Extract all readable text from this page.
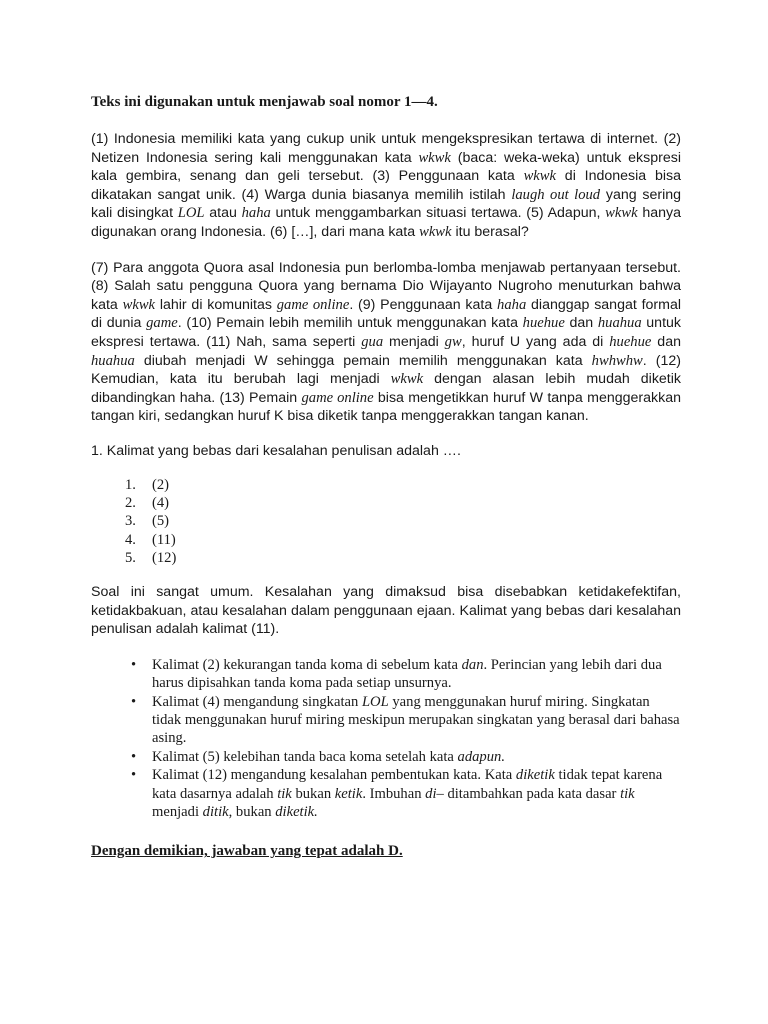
Teks ini digunakan untuk menjawab soal nomor 1—4.

(1) Indonesia memiliki kata yang cukup unik untuk mengekspresikan tertawa di internet. (2) Netizen Indonesia sering kali menggunakan kata wkwk (baca: weka-weka) untuk ekspresi kala gembira, senang dan geli tersebut. (3) Penggunaan kata wkwk di Indonesia bisa dikatakan sangat unik. (4) Warga dunia biasanya memilih istilah laugh out loud yang sering kali disingkat LOL atau haha untuk menggambarkan situasi tertawa. (5) Adapun, wkwk hanya digunakan orang Indonesia. (6) […], dari mana kata wkwk itu berasal?

(7) Para anggota Quora asal Indonesia pun berlomba-lomba menjawab pertanyaan tersebut. (8) Salah satu pengguna Quora yang bernama Dio Wijayanto Nugroho menuturkan bahwa kata wkwk lahir di komunitas game online. (9) Penggunaan kata haha dianggap sangat formal di dunia game. (10) Pemain lebih memilih untuk menggunakan kata huehue dan huahua untuk ekspresi tertawa. (11) Nah, sama seperti gua menjadi gw, huruf U yang ada di huehue dan huahua diubah menjadi W sehingga pemain memilih menggunakan kata hwhwhw. (12) Kemudian, kata itu berubah lagi menjadi wkwk dengan alasan lebih mudah diketik dibandingkan haha. (13) Pemain game online bisa mengetikkan huruf W tanpa menggerakkan tangan kiri, sedangkan huruf K bisa diketik tanpa menggerakkan tangan kanan.

1. Kalimat yang bebas dari kesalahan penulisan adalah ….

1. (2)
2. (4)
3. (5)
4. (11)
5. (12)

Soal ini sangat umum. Kesalahan yang dimaksud bisa disebabkan ketidakefektifan, ketidakbakuan, atau kesalahan dalam penggunaan ejaan. Kalimat yang bebas dari kesalahan penulisan adalah kalimat (11).

• Kalimat (2) kekurangan tanda koma di sebelum kata dan. Perincian yang lebih dari dua harus dipisahkan tanda koma pada setiap unsurnya.
• Kalimat (4) mengandung singkatan LOL yang menggunakan huruf miring. Singkatan tidak menggunakan huruf miring meskipun merupakan singkatan yang berasal dari bahasa asing.
• Kalimat (5) kelebihan tanda baca koma setelah kata adapun.
• Kalimat (12) mengandung kesalahan pembentukan kata. Kata diketik tidak tepat karena kata dasarnya adalah tik bukan ketik. Imbuhan di– ditambahkan pada kata dasar tik menjadi ditik, bukan diketik.

Dengan demikian, jawaban yang tepat adalah D.
